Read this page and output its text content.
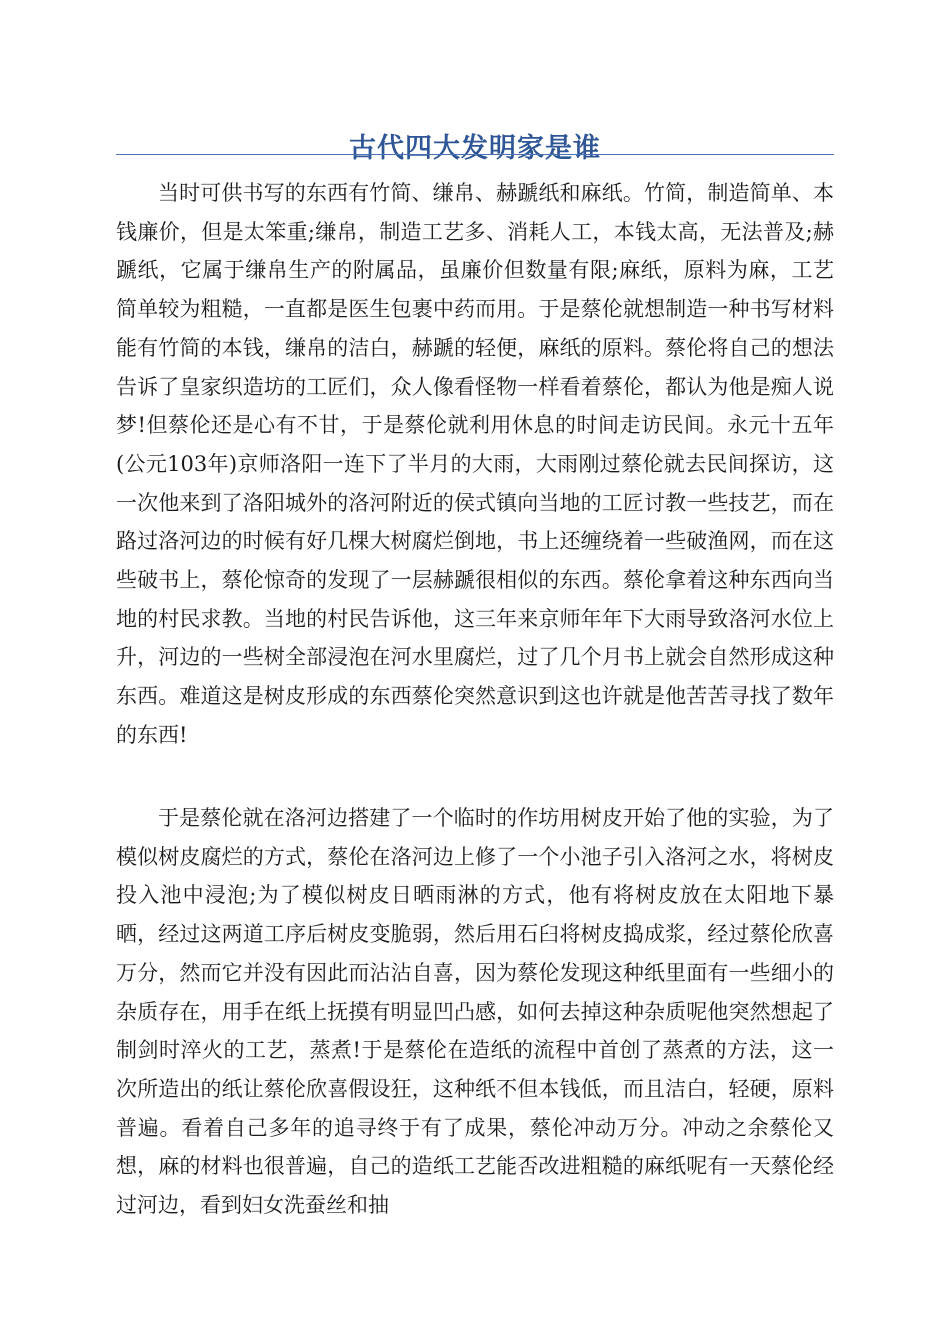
古代四大发明家是谁

当时可供书写的东西有竹简、缣帛、赫蹏纸和麻纸。竹简，制造简单、本钱廉价，但是太笨重;缣帛，制造工艺多、消耗人工，本钱太高，无法普及;赫蹏纸，它属于缣帛生产的附属品，虽廉价但数量有限;麻纸，原料为麻，工艺简单较为粗糙，一直都是医生包裹中药而用。于是蔡伦就想制造一种书写材料能有竹简的本钱，缣帛的洁白，赫蹏的轻便，麻纸的原料。蔡伦将自己的想法告诉了皇家织造坊的工匠们，众人像看怪物一样看着蔡伦，都认为他是痴人说梦!但蔡伦还是心有不甘，于是蔡伦就利用休息的时间走访民间。永元十五年(公元103年)京师洛阳一连下了半月的大雨，大雨刚过蔡伦就去民间探访，这一次他来到了洛阳城外的洛河附近的侯式镇向当地的工匠讨教一些技艺，而在路过洛河边的时候有好几棵大树腐烂倒地，书上还缠绕着一些破渔网，而在这些破书上，蔡伦惊奇的发现了一层赫蹏很相似的东西。蔡伦拿着这种东西向当地的村民求教。当地的村民告诉他，这三年来京师年年下大雨导致洛河水位上升，河边的一些树全部浸泡在河水里腐烂，过了几个月书上就会自然形成这种东西。难道这是树皮形成的东西蔡伦突然意识到这也许就是他苦苦寻找了数年的东西!

于是蔡伦就在洛河边搭建了一个临时的作坊用树皮开始了他的实验，为了模似树皮腐烂的方式，蔡伦在洛河边上修了一个小池子引入洛河之水，将树皮投入池中浸泡;为了模似树皮日晒雨淋的方式，他有将树皮放在太阳地下暴晒，经过这两道工序后树皮变脆弱，然后用石臼将树皮捣成浆，经过蔡伦欣喜万分，然而它并没有因此而沾沾自喜，因为蔡伦发现这种纸里面有一些细小的杂质存在，用手在纸上抚摸有明显凹凸感，如何去掉这种杂质呢他突然想起了制剑时淬火的工艺，蒸煮!于是蔡伦在造纸的流程中首创了蒸煮的方法，这一次所造出的纸让蔡伦欣喜假设狂，这种纸不但本钱低，而且洁白，轻硬，原料普遍。看着自己多年的追寻终于有了成果，蔡伦冲动万分。冲动之余蔡伦又想，麻的材料也很普遍，自己的造纸工艺能否改进粗糙的麻纸呢有一天蔡伦经过河边，看到妇女洗蚕丝和抽
